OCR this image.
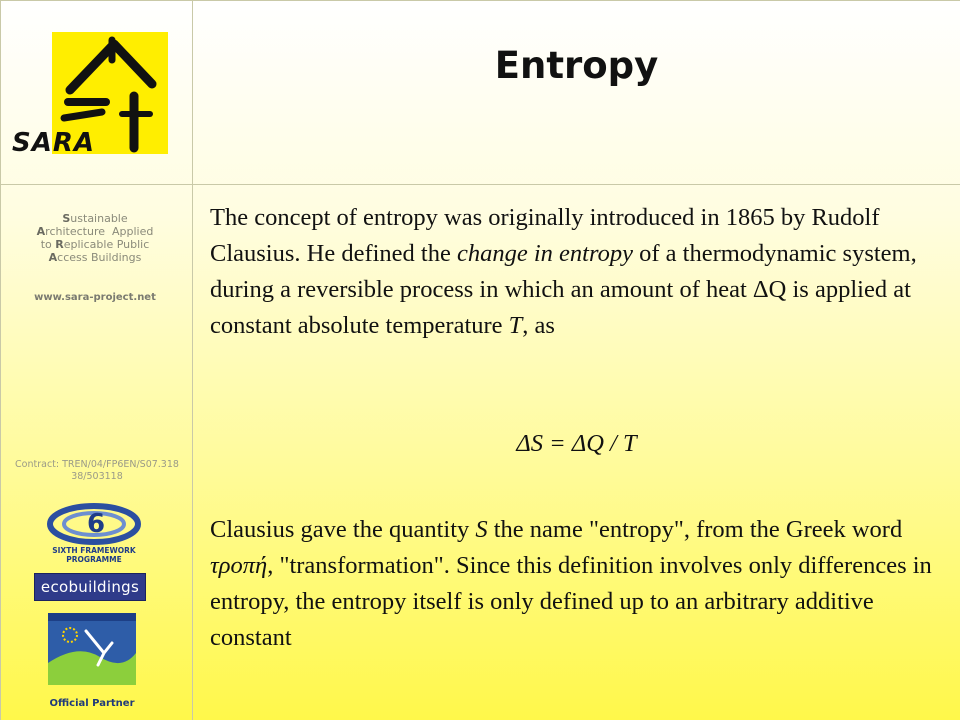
SARA
Sustainable
Architecture  Applied
to Replicable Public
Access Buildings
www.sara-project.net
Contract: TREN/04/FP6EN/S07.31838/503118
6
SIXTH FRAMEWORK
PROGRAMME
ecobuildings
Official Partner
Entropy
The concept of entropy was originally introduced in 1865 by Rudolf Clausius. He defined the change in entropy of a thermodynamic system, during a reversible process in which an amount of heat ΔQ is applied at constant absolute temperature T, as
ΔS = ΔQ / T
Clausius gave the quantity S the name "entropy", from the Greek word τροπή, "transformation". Since this definition involves only differences in entropy, the entropy itself is only defined up to an arbitrary additive constant
